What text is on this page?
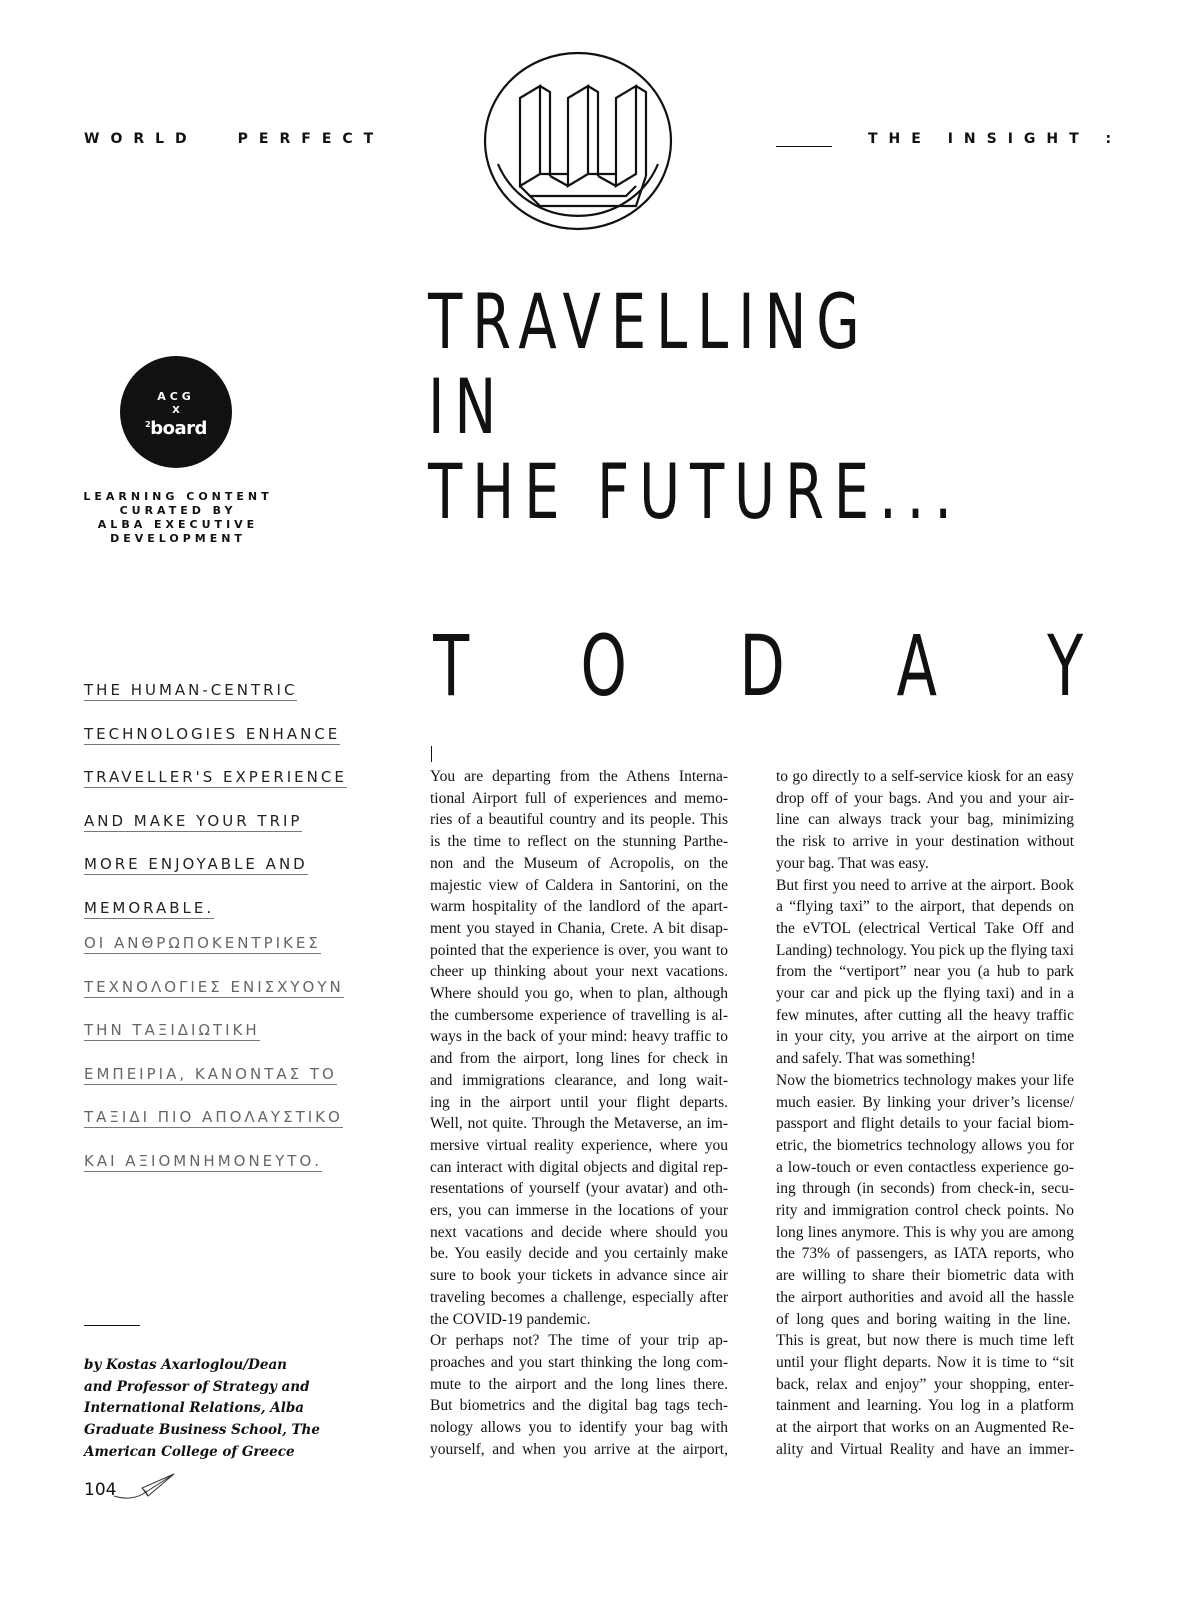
WORLD	PERFECT	THE INSIGHT :
TRAVELLING
IN
THE FUTURE...
ACG
X
$^2$board
LEARNING CONTENT
CURATED BY
ALBA EXECUTIVE
DEVELOPMENT
T O D A Y
THE HUMAN-CENTRIC
TECHNOLOGIES ENHANCE
TRAVELLER'S EXPERIENCE
AND MAKE YOUR TRIP
MORE ENJOYABLE AND
MEMORABLE.
ΟΙ ΑΝΘΡΩΠΟΚΕΝΤΡΙΚΕΣ
ΤΕΧΝΟΛΟΓΙΕΣ ΕΝΙΣΧΥΟΥΝ
ΤΗΝ ΤΑΞΙΔΙΩΤΙΚΗ
ΕΜΠΕΙΡΙΑ, ΚΑΝΟΝΤΑΣ ΤΟ
ΤΑΞΙΔΙ ΠΙΟ ΑΠΟΛΑΥΣΤΙΚΟ
ΚΑΙ ΑΞΙΟΜΝΗΜΟΝΕΥΤΟ.
by Kostas Axarloglou/Dean
and Professor of Strategy and
International Relations, Alba
Graduate Business School, The
American College of Greece
104
You are departing from the Athens Interna-
tional Airport full of experiences and memo-
ries of a beautiful country and its people. This
is the time to reflect on the stunning Parthe-
non and the Museum of Acropolis, on the
majestic view of Caldera in Santorini, on the
warm hospitality of the landlord of the apart-
ment you stayed in Chania, Crete. A bit disap-
pointed that the experience is over, you want to
cheer up thinking about your next vacations.
Where should you go, when to plan, although
the cumbersome experience of travelling is al-
ways in the back of your mind: heavy traffic to
and from the airport, long lines for check in
and immigrations clearance, and long wait-
ing in the airport until your flight departs.
Well, not quite. Through the Metaverse, an im-
mersive virtual reality experience, where you
can interact with digital objects and digital rep-
resentations of yourself (your avatar) and oth-
ers, you can immerse in the locations of your
next vacations and decide where should you
be. You easily decide and you certainly make
sure to book your tickets in advance since air
traveling becomes a challenge, especially after
the COVID-19 pandemic.
Or perhaps not? The time of your trip ap-
proaches and you start thinking the long com-
mute to the airport and the long lines there.
But biometrics and the digital bag tags tech-
nology allows you to identify your bag with
yourself, and when you arrive at the airport,
to go directly to a self-service kiosk for an easy
drop off of your bags. And you and your air-
line can always track your bag, minimizing
the risk to arrive in your destination without
your bag. That was easy.
But first you need to arrive at the airport. Book
a “flying taxi” to the airport, that depends on
the eVTOL (electrical Vertical Take Off and
Landing) technology. You pick up the flying taxi
from the “vertiport” near you (a hub to park
your car and pick up the flying taxi) and in a
few minutes, after cutting all the heavy traffic
in your city, you arrive at the airport on time
and safely. That was something!
Now the biometrics technology makes your life
much easier. By linking your driver’s license/
passport and flight details to your facial biom-
etric, the biometrics technology allows you for
a low-touch or even contactless experience go-
ing through (in seconds) from check-in, secu-
rity and immigration control check points. No
long lines anymore. This is why you are among
the 73% of passengers, as IATA reports, who
are willing to share their biometric data with
the airport authorities and avoid all the hassle
of long ques and boring waiting in the line.
This is great, but now there is much time left
until your flight departs. Now it is time to “sit
back, relax and enjoy” your shopping, enter-
tainment and learning. You log in a platform
at the airport that works on an Augmented Re-
ality and Virtual Reality and have an immer-
